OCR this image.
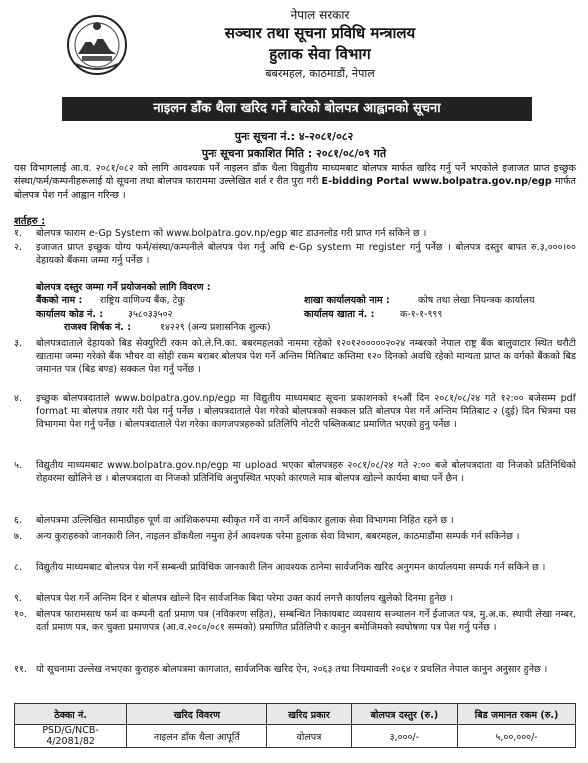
नेपाल सरकार
सञ्चार तथा सूचना प्रविधि मन्त्रालय
हुलाक सेवा विभाग
बबरमहल, काठमाडौं, नेपाल
नाइलन डाँक थैला खरिद गर्ने बारेको बोलपत्र आह्वानको सूचना
पुनः सूचना नं.: ४-२०८१/०८२
पुनः सूचना प्रकाशित मिति : २०८१/०८/०९ गते
यस विभागलाई आ.व. २०८१/०८२ को लागि आवश्यक पर्ने नाइलन डाँक थैला विद्युतीय माध्यमबाट बोलपत्र मार्फत खरिद गर्नु पर्ने भएकोले इजाजत प्राप्त इच्छुक संस्था/फर्म/कम्पनीहरूलाई यो सूचना तथा बोलपत्र फाराममा उल्लेखित शर्त र रीत पुरा गरी E-bidding Portal www.bolpatra.gov.np/egp मार्फत बोलपत्र पेश गर्न आह्वान गरिन्छ ।
शर्तहरु :
१.	बोलपत्र फाराम e-Gp System को www.bolpatra.gov.np/egp बाट डाउनलोड गरी प्राप्त गर्न सकिने छ ।
२.	इजाजत प्राप्त इच्छुक योग्य फर्म/संस्था/कम्पनीले बोलपत्र पेश गर्नु अघि e-Gp system मा register गर्नु पर्नेछ । बोलपत्र दस्तुर बापत रु.३,०००।०० देहायको बैंकमा जम्मा गर्नु पर्नेछ ।
बोलपत्र दस्तुर जम्मा गर्ने प्रयोजनको लागि विवरण :
बैंकको नाम : राष्ट्रिय वाणिज्य बैंक, टेकु	शाखा कार्यालयको नाम :	कोष तथा लेखा नियन्त्रक कार्यालय
कार्यालय कोड नं. :	३५८०३३५०२	कार्यालय खाता नं. :	क-१-१-९९९
राजश्व शिर्षक नं. :	१४२२९ (अन्य प्रशासनिक शुल्क)
३.	बोलपत्रदाताले देहायको बिड सेक्युरिटी रकम को.ले.नि.का. बबरमहलको नाममा रहेको १२०१२०००००२०२४ नम्बरको नेपाल राष्ट्र बैंक बालुवाटार स्थित धरौटी खातामा जम्मा गरेको बैंक भौचर वा सोही रकम बराबर बोलपत्र पेश गर्ने अन्तिम मितिबाट कम्तिमा १२० दिनको अवधि रहेको मान्यता प्राप्त क वर्गको बैंकको बिड जमानत पत्र (बिड बण्ड) सक्कल पेश गर्नु पर्नेछ ।
४.	इच्छुक बोलपत्रदाताले www.bolpatra.gov.np/egp मा विद्युतीय माध्यमबाट सूचना प्रकाशनको १५औं दिन २०८१/०८/२४ गते १२:०० बजेसम्म pdf format मा बोलपत्र तयार गरी पेश गर्नु पर्नेछ । बोलपत्रदाताले पेश गरेको बोलपत्रको सक्कल प्रति बोलपत्र पेश गर्ने अन्तिम मितिबाट २ (दुई) दिन भित्रमा यस विभागमा पेश गर्नु पर्नेछ । बोलपत्रदाताले पेश गरेका कागजपत्रहरुको प्रतिलिपि नोटरी पब्लिकबाट प्रमाणित भएको हुनु पर्नेछ ।
५.	विद्युतीय माध्यमबाट www.bolpatra.gov.np/egp मा upload भएका बोलपत्रहरु २०८१/०८/२४ गते २:०० बजे बोलपत्रदाता वा निजको प्रतिनिधिको रोहवरमा खोलिने छ । बोलपत्रदाता वा निजको प्रतिनिधि अनुपस्थित भएको कारणले मात्र बोलपत्र खोल्ने कार्यमा बाधा पर्ने छैन ।
६.	बोलपत्रमा उल्लिखित सामाग्रीहरु पूर्ण वा आंशिकरुपमा स्वीकृत गर्ने वा नगर्ने अधिकार हुलाक सेवा विभागमा निहित रहने छ ।
७.	अन्य कुराहरुको जानकारी लिन, नाइलन डाँकथैला नमुना हेर्न आवश्यक परेमा हुलाक सेवा विभाग, बबरमहल, काठमाडौंमा सम्पर्क गर्न सकिनेछ ।
८.	विद्युतीय माध्यमबाट बोलपत्र पेश गर्ने सम्बन्धी प्राविधिक जानकारी लिन आवश्यक ठानेमा सार्वजनिक खरिद अनुगमन कार्यालयमा सम्पर्क गर्न सकिने छ ।
९.	बोलपत्र पेश गर्ने अन्तिम दिन र बोलपत्र खोल्ने दिन सार्वजनिक बिदा परेमा उक्त कार्य लगत्तै कार्यालय खुलेको दिनमा हुनेछ ।
१०. बोलपत्र फारामसाथ फर्म वा कम्पनी दर्ता प्रमाण पत्र (नविकरण सहित), सम्बन्धित निकायबाट व्यवसाय सञ्चालन गर्ने ईजाजत पत्र, मु.अ.क. स्थायी लेखा नम्बर, दर्ता प्रमाण पत्र, कर चुक्ता प्रमाणपत्र (आ.व.२०८०/०८१ सम्मको) प्रमाणित प्रतिलिपी र कानुन बमोजिमको स्वघोषणा पत्र पेश गर्नु पर्नेछ ।
११. यो सूचनामा उल्लेख नभएका कुराहरु बोलपत्रमा कागजात, सार्वजनिक खरिद ऐन, २०६३ तथा नियमावली २०६४ र प्रचलित नेपाल कानुन अनुसार हुनेछ ।
ठेक्का नं.	खरिद विवरण	खरिद प्रकार	बोलपत्र दस्तुर (रु.)	बिड जमानत रकम (रु.)
PSD/G/NCB- 4/2081/82	नाइलन डाँक थैला आपूर्ति	वोलपत्र	३,०००/-	५,००,०००/-
